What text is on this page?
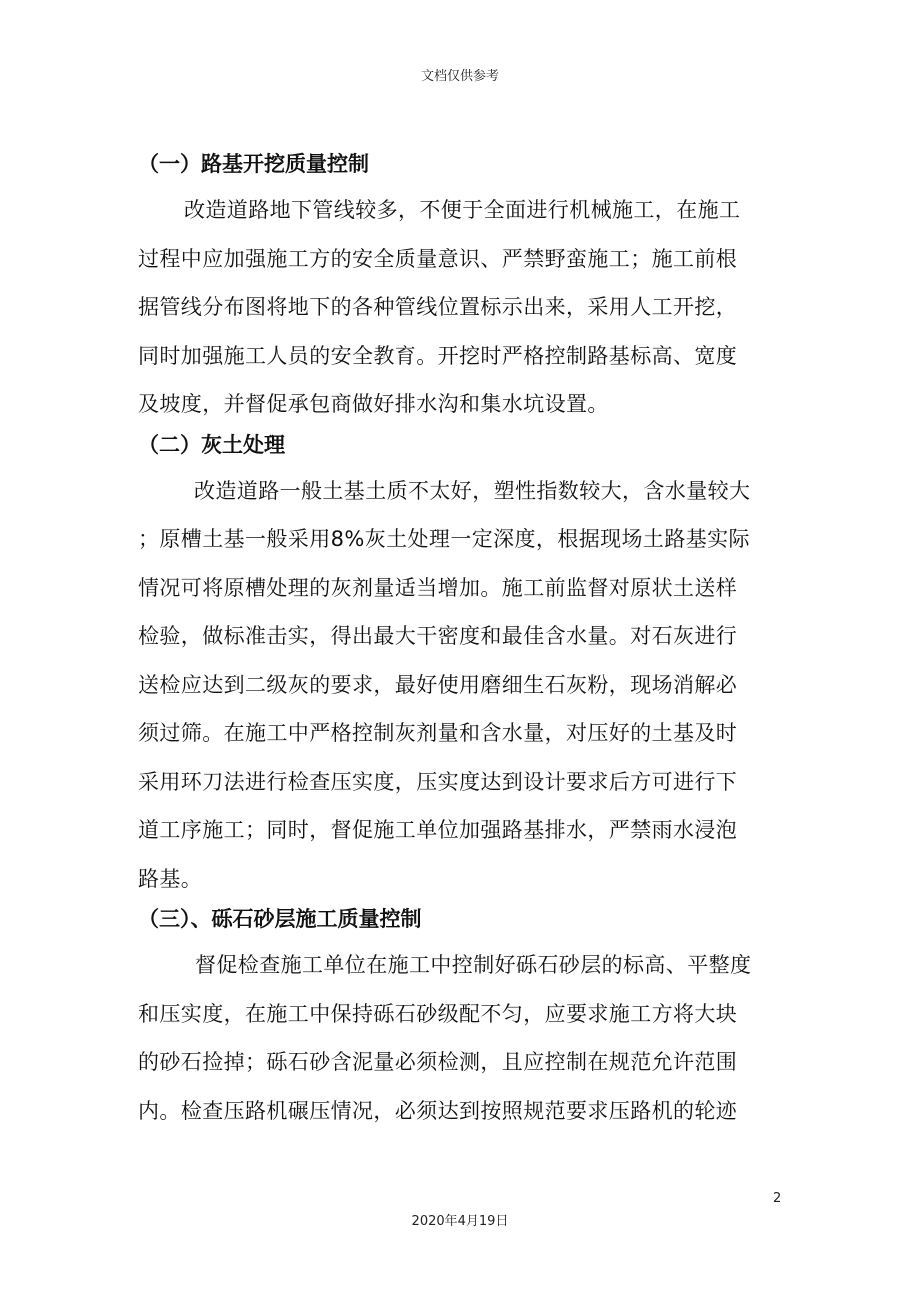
文档仅供参考
（一）路基开挖质量控制
改造道路地下管线较多，不便于全面进行机械施工，在施工
过程中应加强施工方的安全质量意识、严禁野蛮施工；施工前根
据管线分布图将地下的各种管线位置标示出来，采用人工开挖，
同时加强施工人员的安全教育。开挖时严格控制路基标高、宽度
及坡度，并督促承包商做好排水沟和集水坑设置。
（二）灰土处理
改造道路一般土基土质不太好，塑性指数较大，含水量较大
；原槽土基一般采用8%灰土处理一定深度，根据现场土路基实际
情况可将原槽处理的灰剂量适当增加。施工前监督对原状土送样
检验，做标准击实，得出最大干密度和最佳含水量。对石灰进行
送检应达到二级灰的要求，最好使用磨细生石灰粉，现场消解必
须过筛。在施工中严格控制灰剂量和含水量，对压好的土基及时
采用环刀法进行检查压实度，压实度达到设计要求后方可进行下
道工序施工；同时，督促施工单位加强路基排水，严禁雨水浸泡
路基。
（三）、砾石砂层施工质量控制
督促检查施工单位在施工中控制好砾石砂层的标高、平整度
和压实度，在施工中保持砾石砂级配不匀，应要求施工方将大块
的砂石捡掉；砾石砂含泥量必须检测，且应控制在规范允许范围
内。检查压路机碾压情况，必须达到按照规范要求压路机的轮迹
2
2020年4月19日
